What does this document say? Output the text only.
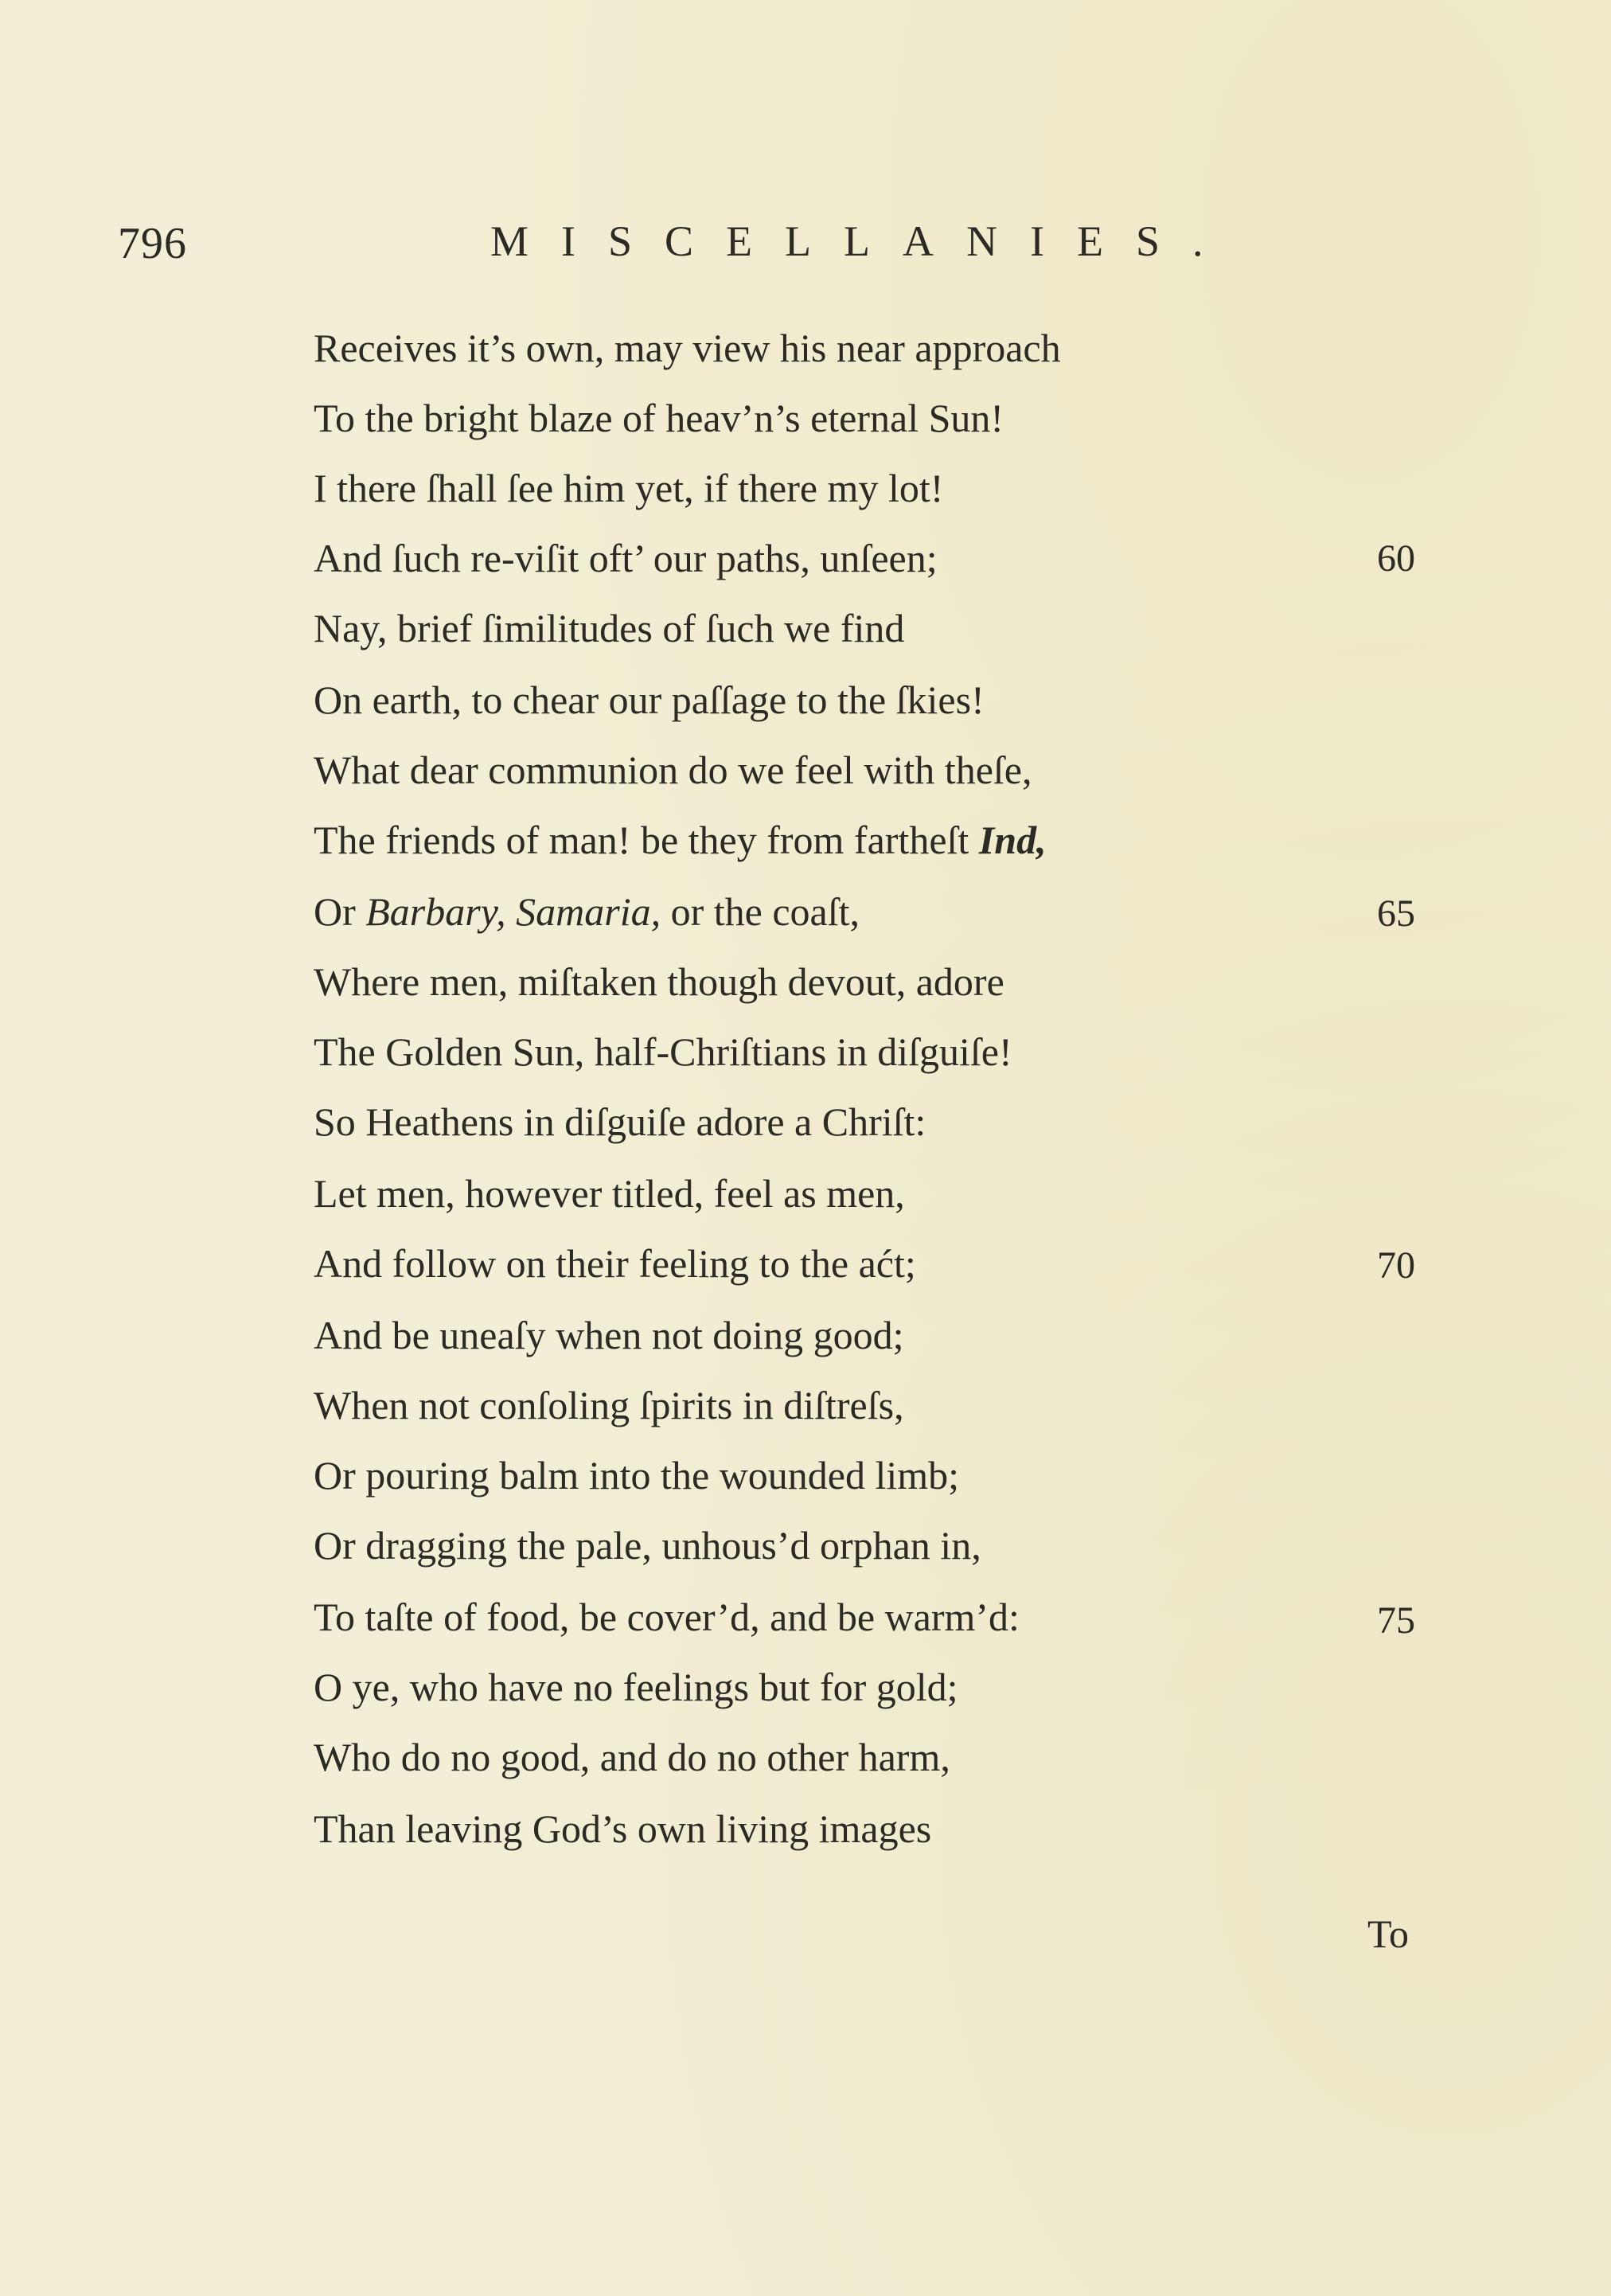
796	MISCELLANIES.
Receives it’s own, may view his near approach
To the bright blaze of heav’n’s eternal Sun!
I there ſhall ſee him yet, if there my lot!
And ſuch re-viſit oft’ our paths, unſeen;
Nay, brief ſimilitudes of ſuch we find
On earth, to chear our paſſage to the ſkies!
What dear communion do we feel with theſe,
The friends of man! be they from fartheſt Ind,
Or Barbary, Samaria, or the coaſt,
Where men, miſtaken though devout, adore
The Golden Sun, half-Chriſtians in diſguiſe!
So Heathens in diſguiſe adore a Chriſt:
Let men, however titled, feel as men,
And follow on their feeling to the aćt;
And be uneaſy when not doing good;
When not conſoling ſpirits in diſtreſs,
Or pouring balm into the wounded limb;
Or dragging the pale, unhous’d orphan in,
To taſte of food, be cover’d, and be warm’d:
O ye, who have no feelings but for gold;
Who do no good, and do no other harm,
Than leaving God’s own living images
60
65
70
75
To
